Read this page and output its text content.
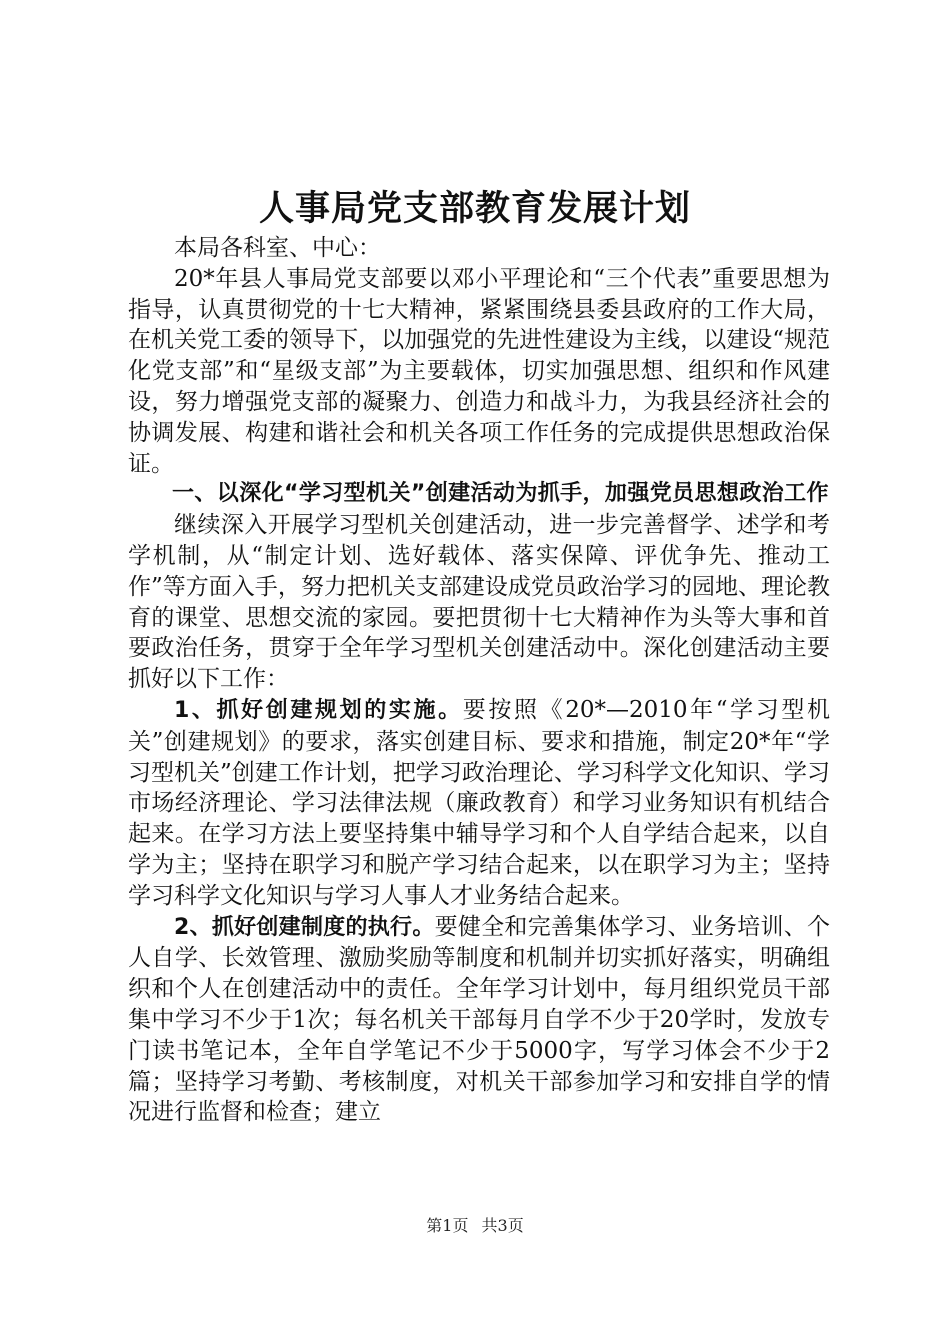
人事局党支部教育发展计划

本局各科室、中心：

20*年县人事局党支部要以邓小平理论和“三个代表”重要思想为指导，认真贯彻党的十七大精神，紧紧围绕县委县政府的工作大局，在机关党工委的领导下，以加强党的先进性建设为主线，以建设“规范化党支部”和“星级支部”为主要载体，切实加强思想、组织和作风建设，努力增强党支部的凝聚力、创造力和战斗力，为我县经济社会的协调发展、构建和谐社会和机关各项工作任务的完成提供思想政治保证。

一、以深化“学习型机关”创建活动为抓手，加强党员思想政治工作

继续深入开展学习型机关创建活动，进一步完善督学、述学和考学机制，从“制定计划、选好载体、落实保障、评优争先、推动工作”等方面入手，努力把机关支部建设成党员政治学习的园地、理论教育的课堂、思想交流的家园。要把贯彻十七大精神作为头等大事和首要政治任务，贯穿于全年学习型机关创建活动中。深化创建活动主要抓好以下工作：

1、抓好创建规划的实施。要按照《20*—2010年“学习型机关”创建规划》的要求，落实创建目标、要求和措施，制定20*年“学习型机关”创建工作计划，把学习政治理论、学习科学文化知识、学习市场经济理论、学习法律法规（廉政教育）和学习业务知识有机结合起来。在学习方法上要坚持集中辅导学习和个人自学结合起来，以自学为主；坚持在职学习和脱产学习结合起来，以在职学习为主；坚持学习科学文化知识与学习人事人才业务结合起来。

2、抓好创建制度的执行。要健全和完善集体学习、业务培训、个人自学、长效管理、激励奖励等制度和机制并切实抓好落实，明确组织和个人在创建活动中的责任。全年学习计划中，每月组织党员干部集中学习不少于1次；每名机关干部每月自学不少于20学时，发放专门读书笔记本，全年自学笔记不少于5000字，写学习体会不少于2篇；坚持学习考勤、考核制度，对机关干部参加学习和安排自学的情况进行监督和检查；建立

第1页 共3页
